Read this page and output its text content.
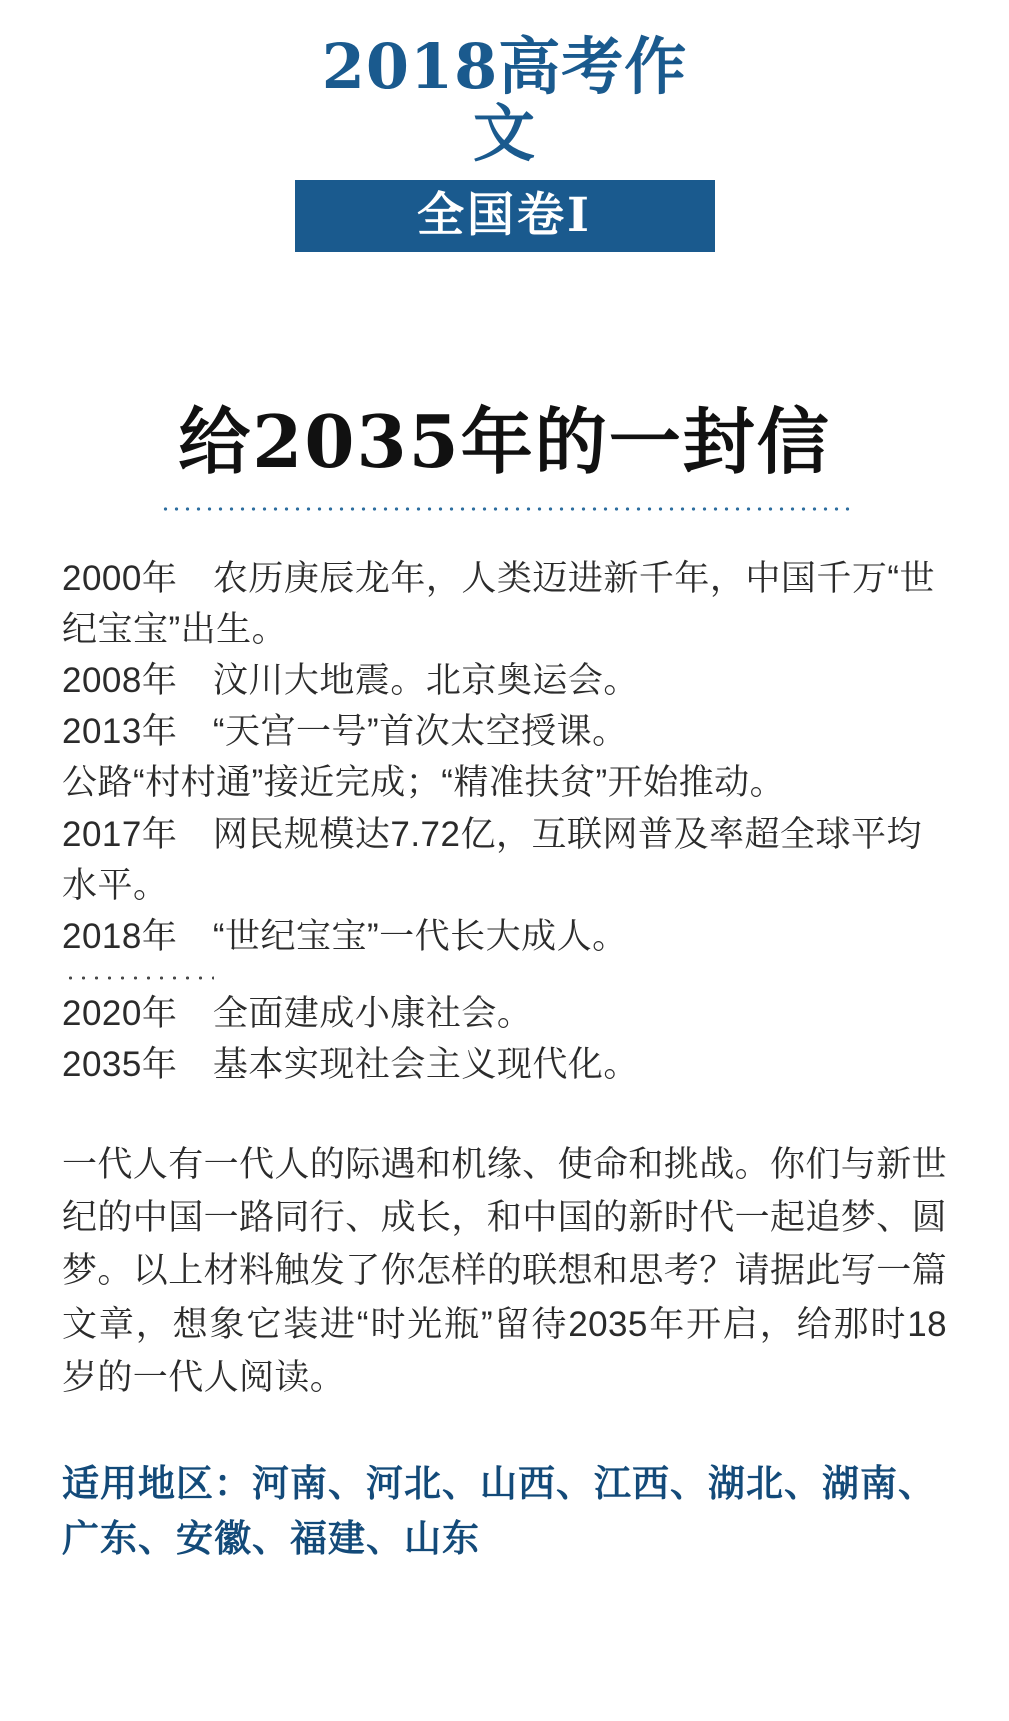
2018高考作文
全国卷I
给2035年的一封信
2000年　农历庚辰龙年，人类迈进新千年，中国千万“世纪宝宝”出生。
2008年　汶川大地震。北京奥运会。
2013年　“天宫一号”首次太空授课。
公路“村村通”接近完成；“精准扶贫”开始推动。
2017年　网民规模达7.72亿，互联网普及率超全球平均水平。
2018年　“世纪宝宝”一代长大成人。
2020年　全面建成小康社会。
2035年　基本实现社会主义现代化。
一代人有一代人的际遇和机缘、使命和挑战。你们与新世纪的中国一路同行、成长，和中国的新时代一起追梦、圆梦。以上材料触发了你怎样的联想和思考？请据此写一篇文章，想象它装进“时光瓶”留待2035年开启，给那时18岁的一代人阅读。
适用地区：河南、河北、山西、江西、湖北、湖南、广东、安徽、福建、山东
